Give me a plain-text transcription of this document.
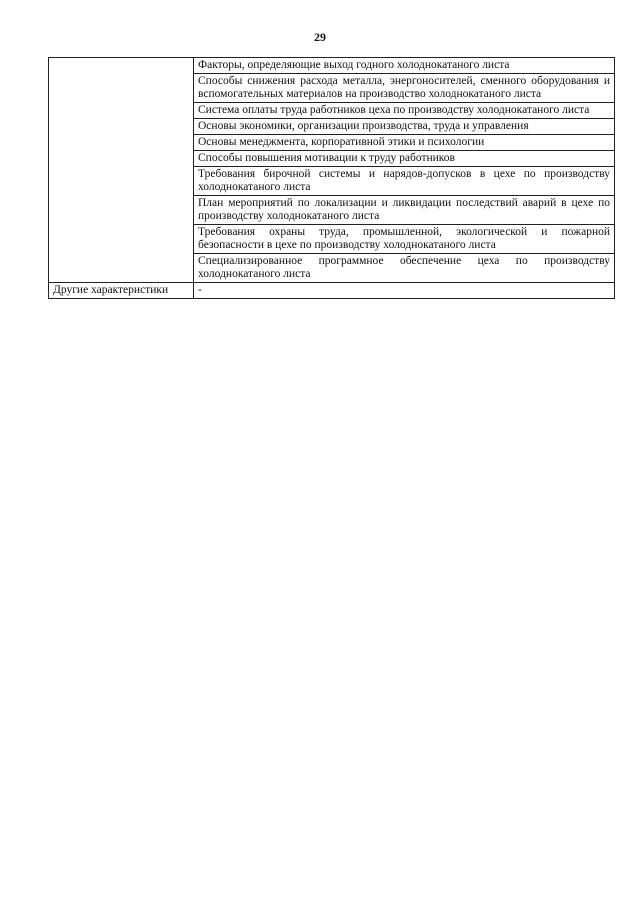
29
	Факторы, определяющие выход годного холоднокатаного листа
	Способы снижения расхода металла, энергоносителей, сменного оборудования и вспомогательных материалов на производство холоднокатаного листа
	Система оплаты труда работников цеха по производству холоднокатаного листа
	Основы экономики, организации производства, труда и управления
	Основы менеджмента, корпоративной этики и психологии
	Способы повышения мотивации к труду работников
	Требования бирочной системы и нарядов-допусков в цехе по производству холоднокатаного листа
	План мероприятий по локализации и ликвидации последствий аварий в цехе по производству холоднокатаного листа
	Требования охраны труда, промышленной, экологической и пожарной безопасности в цехе по производству холоднокатаного листа
	Специализированное программное обеспечение цеха по производству холоднокатаного листа
Другие характеристики	-
